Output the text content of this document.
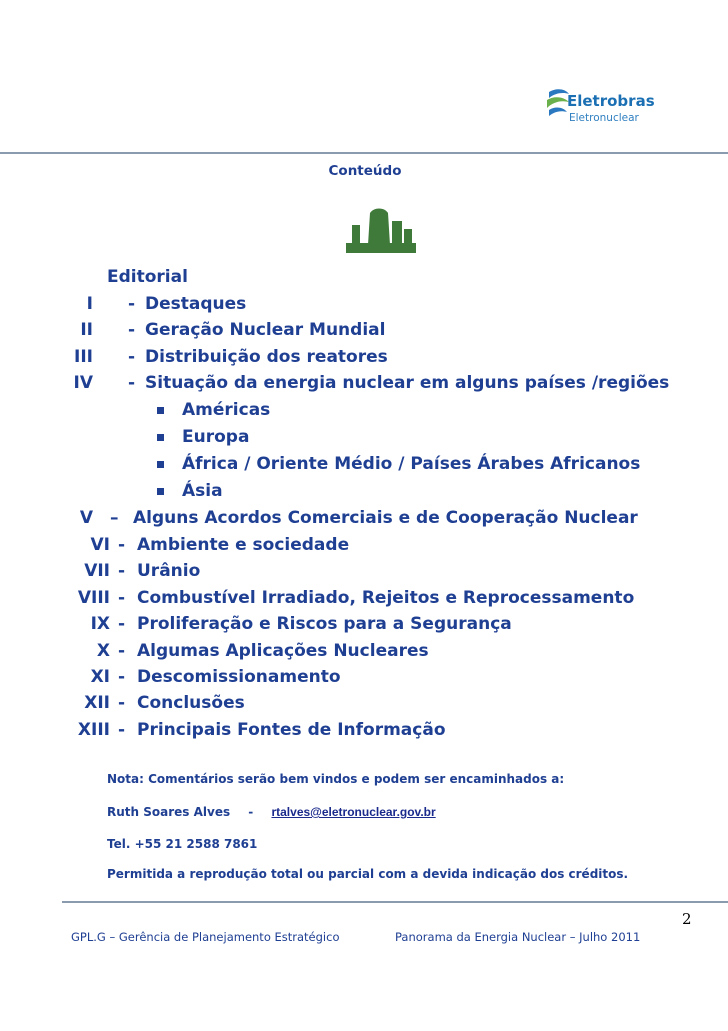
Eletrobras
Eletronuclear
Conteúdo
Editorial
I - Destaques
II - Geração Nuclear Mundial
III - Distribuição dos reatores
IV - Situação da energia nuclear em alguns países /regiões
Américas
Europa
África / Oriente Médio / Países Árabes Africanos
Ásia
V – Alguns Acordos Comerciais e de Cooperação Nuclear
VI - Ambiente e sociedade
VII - Urânio
VIII - Combustível Irradiado, Rejeitos e Reprocessamento
IX - Proliferação e Riscos para a Segurança
X - Algumas Aplicações Nucleares
XI - Descomissionamento
XII - Conclusões
XIII - Principais Fontes de Informação
Nota: Comentários serão bem vindos e podem ser encaminhados a:
Ruth Soares Alves - rtalves@eletronuclear.gov.br
Tel. +55 21 2588 7861
Permitida a reprodução total ou parcial com a devida indicação dos créditos.
2
GPL.G – Gerência de Planejamento Estratégico	Panorama da Energia Nuclear – Julho 2011
